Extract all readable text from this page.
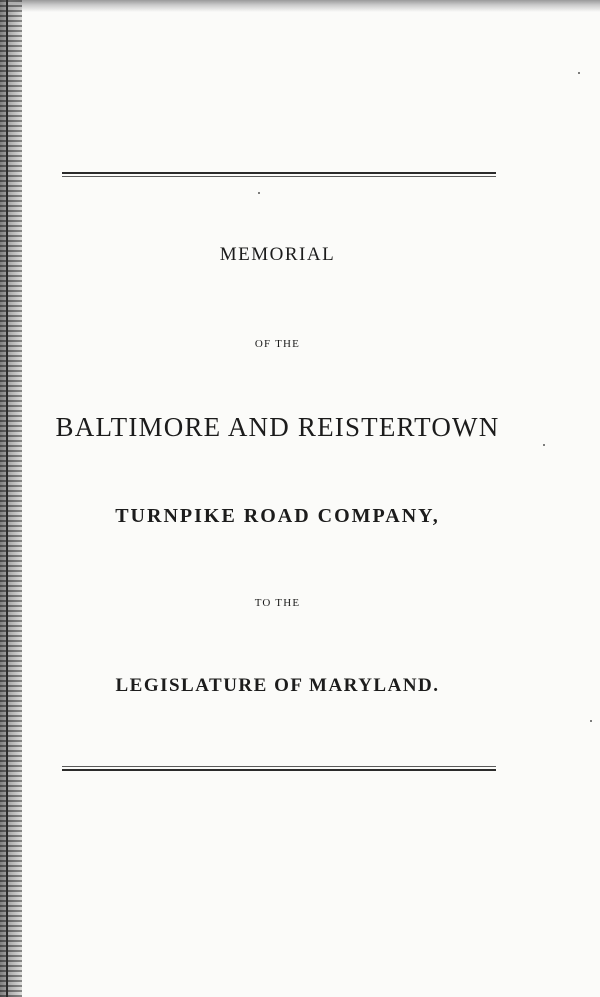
MEMORIAL
OF THE
BALTIMORE AND REISTERTOWN
TURNPIKE ROAD COMPANY,
TO THE
LEGISLATURE OF MARYLAND.
